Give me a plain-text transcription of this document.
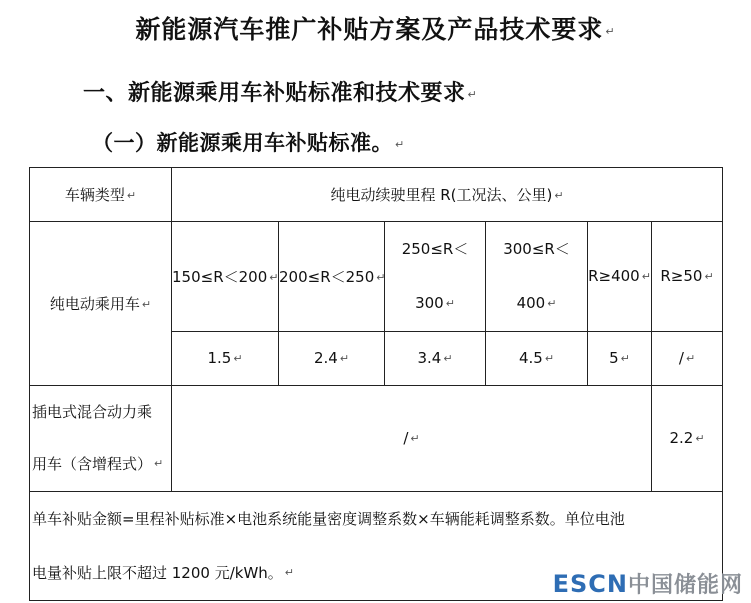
新能源汽车推广补贴方案及产品技术要求 ↵
一、新能源乘用车补贴标准和技术要求 ↵
（一）新能源乘用车补贴标准。 ↵
车辆类型 ↵	纯电动续驶里程 R(工况法、公里) ↵					
纯电动乘用车 ↵	150≤R＜200 ↵	200≤R＜250 ↵	250≤R＜
300 ↵	300≤R＜
400 ↵	R≥400 ↵	R≥50 ↵
	1.5 ↵	2.4 ↵	3.4 ↵	4.5 ↵	5 ↵	/ ↵
插电式混合动力乘
用车（含增程式） ↵	/ ↵					2.2 ↵
单车补贴金额=里程补贴标准×电池系统能量密度调整系数×车辆能耗调整系数。单位电池
电量补贴上限不超过 1200 元/kWh。 ↵							ESCN中国储能网
